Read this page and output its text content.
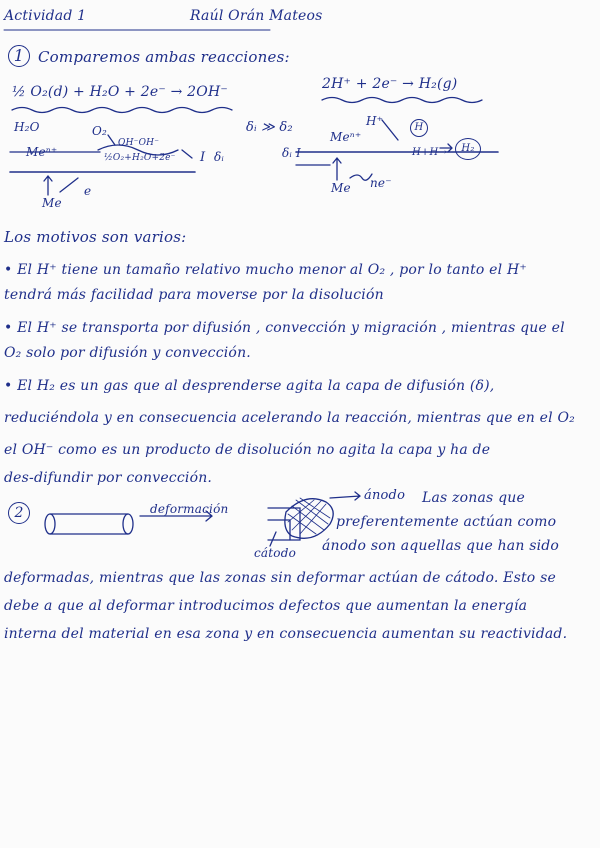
Actividad 1	Raúl Orán Mateos
1 Comparemos ambas reacciones:
½ O₂(d) + H₂O + 2e⁻ → 2OH⁻	2H⁺ + 2e⁻ → H₂(g)
H₂O	O₂
OH⁻OH⁻
½O₂+H₂O+2e⁻
Meⁿ⁺
Me
e
I δᵢ
δᵢ ≫ δ₂
δᵢ I
Meⁿ⁺
H⁺	H
H+H→	H₂
Me ne⁻
Los motivos son varios:
• El H⁺ tiene un tamaño relativo mucho menor al O₂ , por lo tanto el H⁺
tendrá más facilidad para moverse por la disolución
• El H⁺ se transporta por difusión , convección y migración , mientras que el
O₂ solo por difusión y convección.
• El H₂ es un gas que al desprenderse agita la capa de difusión (δ),
reduciéndola y en consecuencia acelerando la reacción, mientras que en el O₂
el OH⁻ como es un producto de disolución no agita la capa y ha de
des-difundir por convección.
2	deformación
ánodo
cátodo
Las zonas que
preferentemente actúan como
ánodo son aquellas que han sido
deformadas, mientras que las zonas sin deformar actúan de cátodo. Esto se
debe a que al deformar introducimos defectos que aumentan la energía
interna del material en esa zona y en consecuencia aumentan su reactividad.
